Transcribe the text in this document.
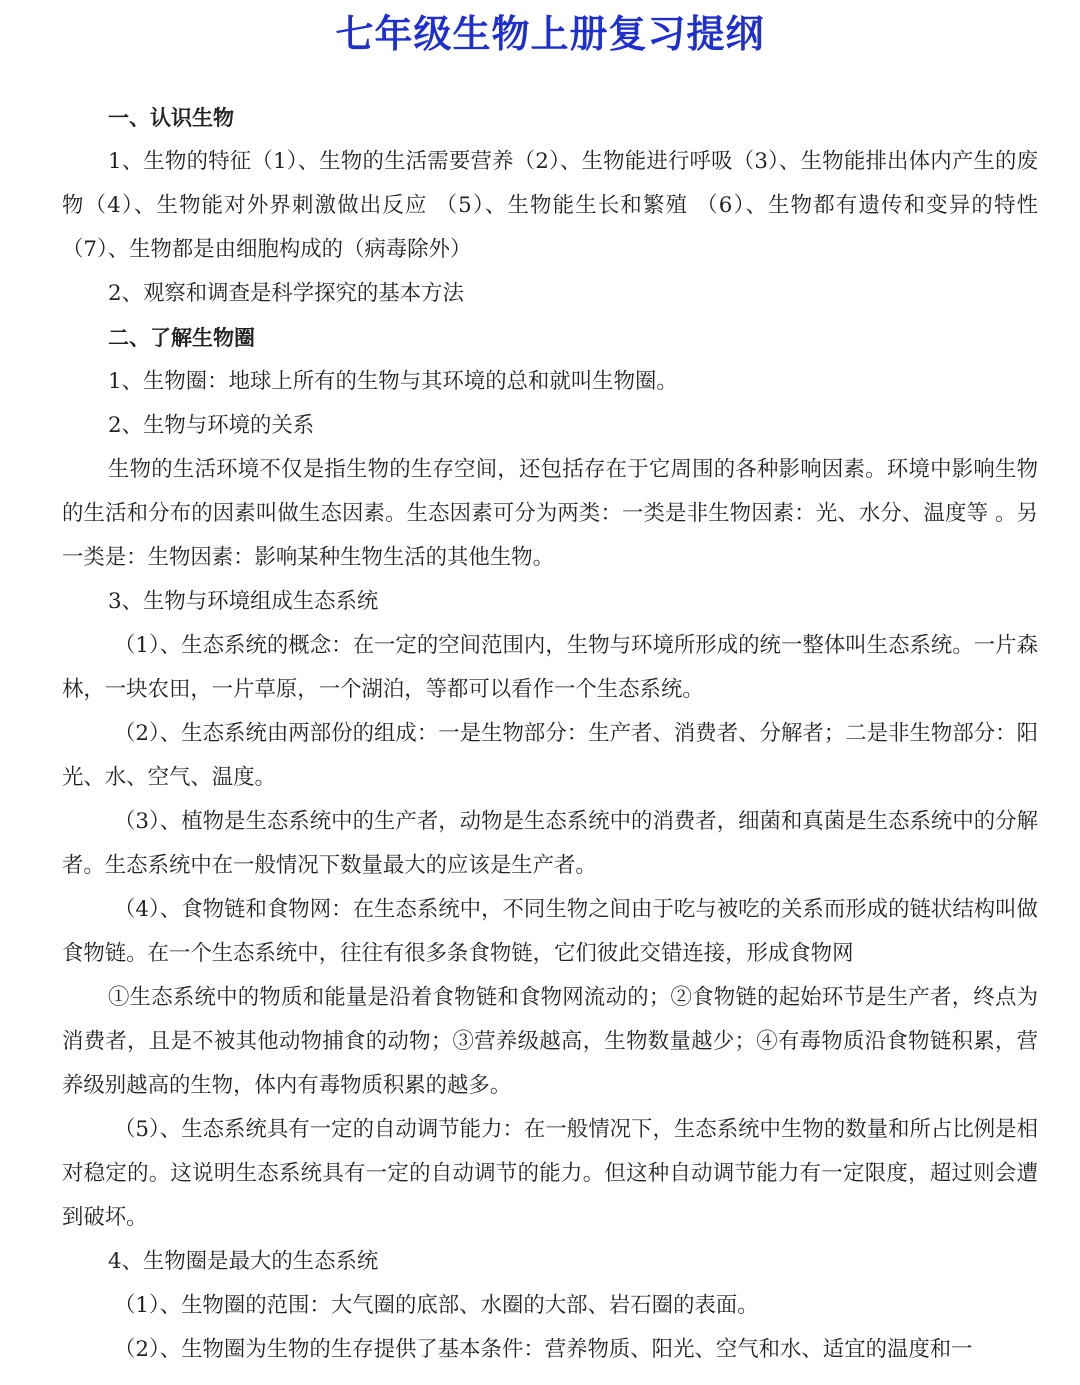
七年级生物上册复习提纲

一、认识生物

1、生物的特征（1）、生物的生活需要营养（2）、生物能进行呼吸（3）、生物能排出体内产生的废物（4）、生物能对外界刺激做出反应 （5）、生物能生长和繁殖 （6）、生物都有遗传和变异的特性（7）、生物都是由细胞构成的（病毒除外）

2、观察和调查是科学探究的基本方法

二、了解生物圈

1、生物圈：地球上所有的生物与其环境的总和就叫生物圈。

2、生物与环境的关系

生物的生活环境不仅是指生物的生存空间，还包括存在于它周围的各种影响因素。环境中影响生物的生活和分布的因素叫做生态因素。生态因素可分为两类：一类是非生物因素：光、水分、温度等 。另一类是：生物因素：影响某种生物生活的其他生物。

3、生物与环境组成生态系统

（1）、生态系统的概念：在一定的空间范围内，生物与环境所形成的统一整体叫生态系统。一片森林，一块农田，一片草原，一个湖泊，等都可以看作一个生态系统。

（2）、生态系统由两部份的组成：一是生物部分：生产者、消费者、分解者；二是非生物部分：阳光、水、空气、温度。

（3）、植物是生态系统中的生产者，动物是生态系统中的消费者，细菌和真菌是生态系统中的分解者。生态系统中在一般情况下数量最大的应该是生产者。

（4）、食物链和食物网：在生态系统中，不同生物之间由于吃与被吃的关系而形成的链状结构叫做食物链。在一个生态系统中，往往有很多条食物链，它们彼此交错连接，形成食物网

①生态系统中的物质和能量是沿着食物链和食物网流动的；②食物链的起始环节是生产者，终点为消费者，且是不被其他动物捕食的动物；③营养级越高，生物数量越少；④有毒物质沿食物链积累，营养级别越高的生物，体内有毒物质积累的越多。

（5）、生态系统具有一定的自动调节能力：在一般情况下，生态系统中生物的数量和所占比例是相对稳定的。这说明生态系统具有一定的自动调节的能力。但这种自动调节能力有一定限度，超过则会遭到破坏。

4、生物圈是最大的生态系统

（1）、生物圈的范围：大气圈的底部、水圈的大部、岩石圈的表面。

（2）、生物圈为生物的生存提供了基本条件：营养物质、阳光、空气和水、适宜的温度和一
